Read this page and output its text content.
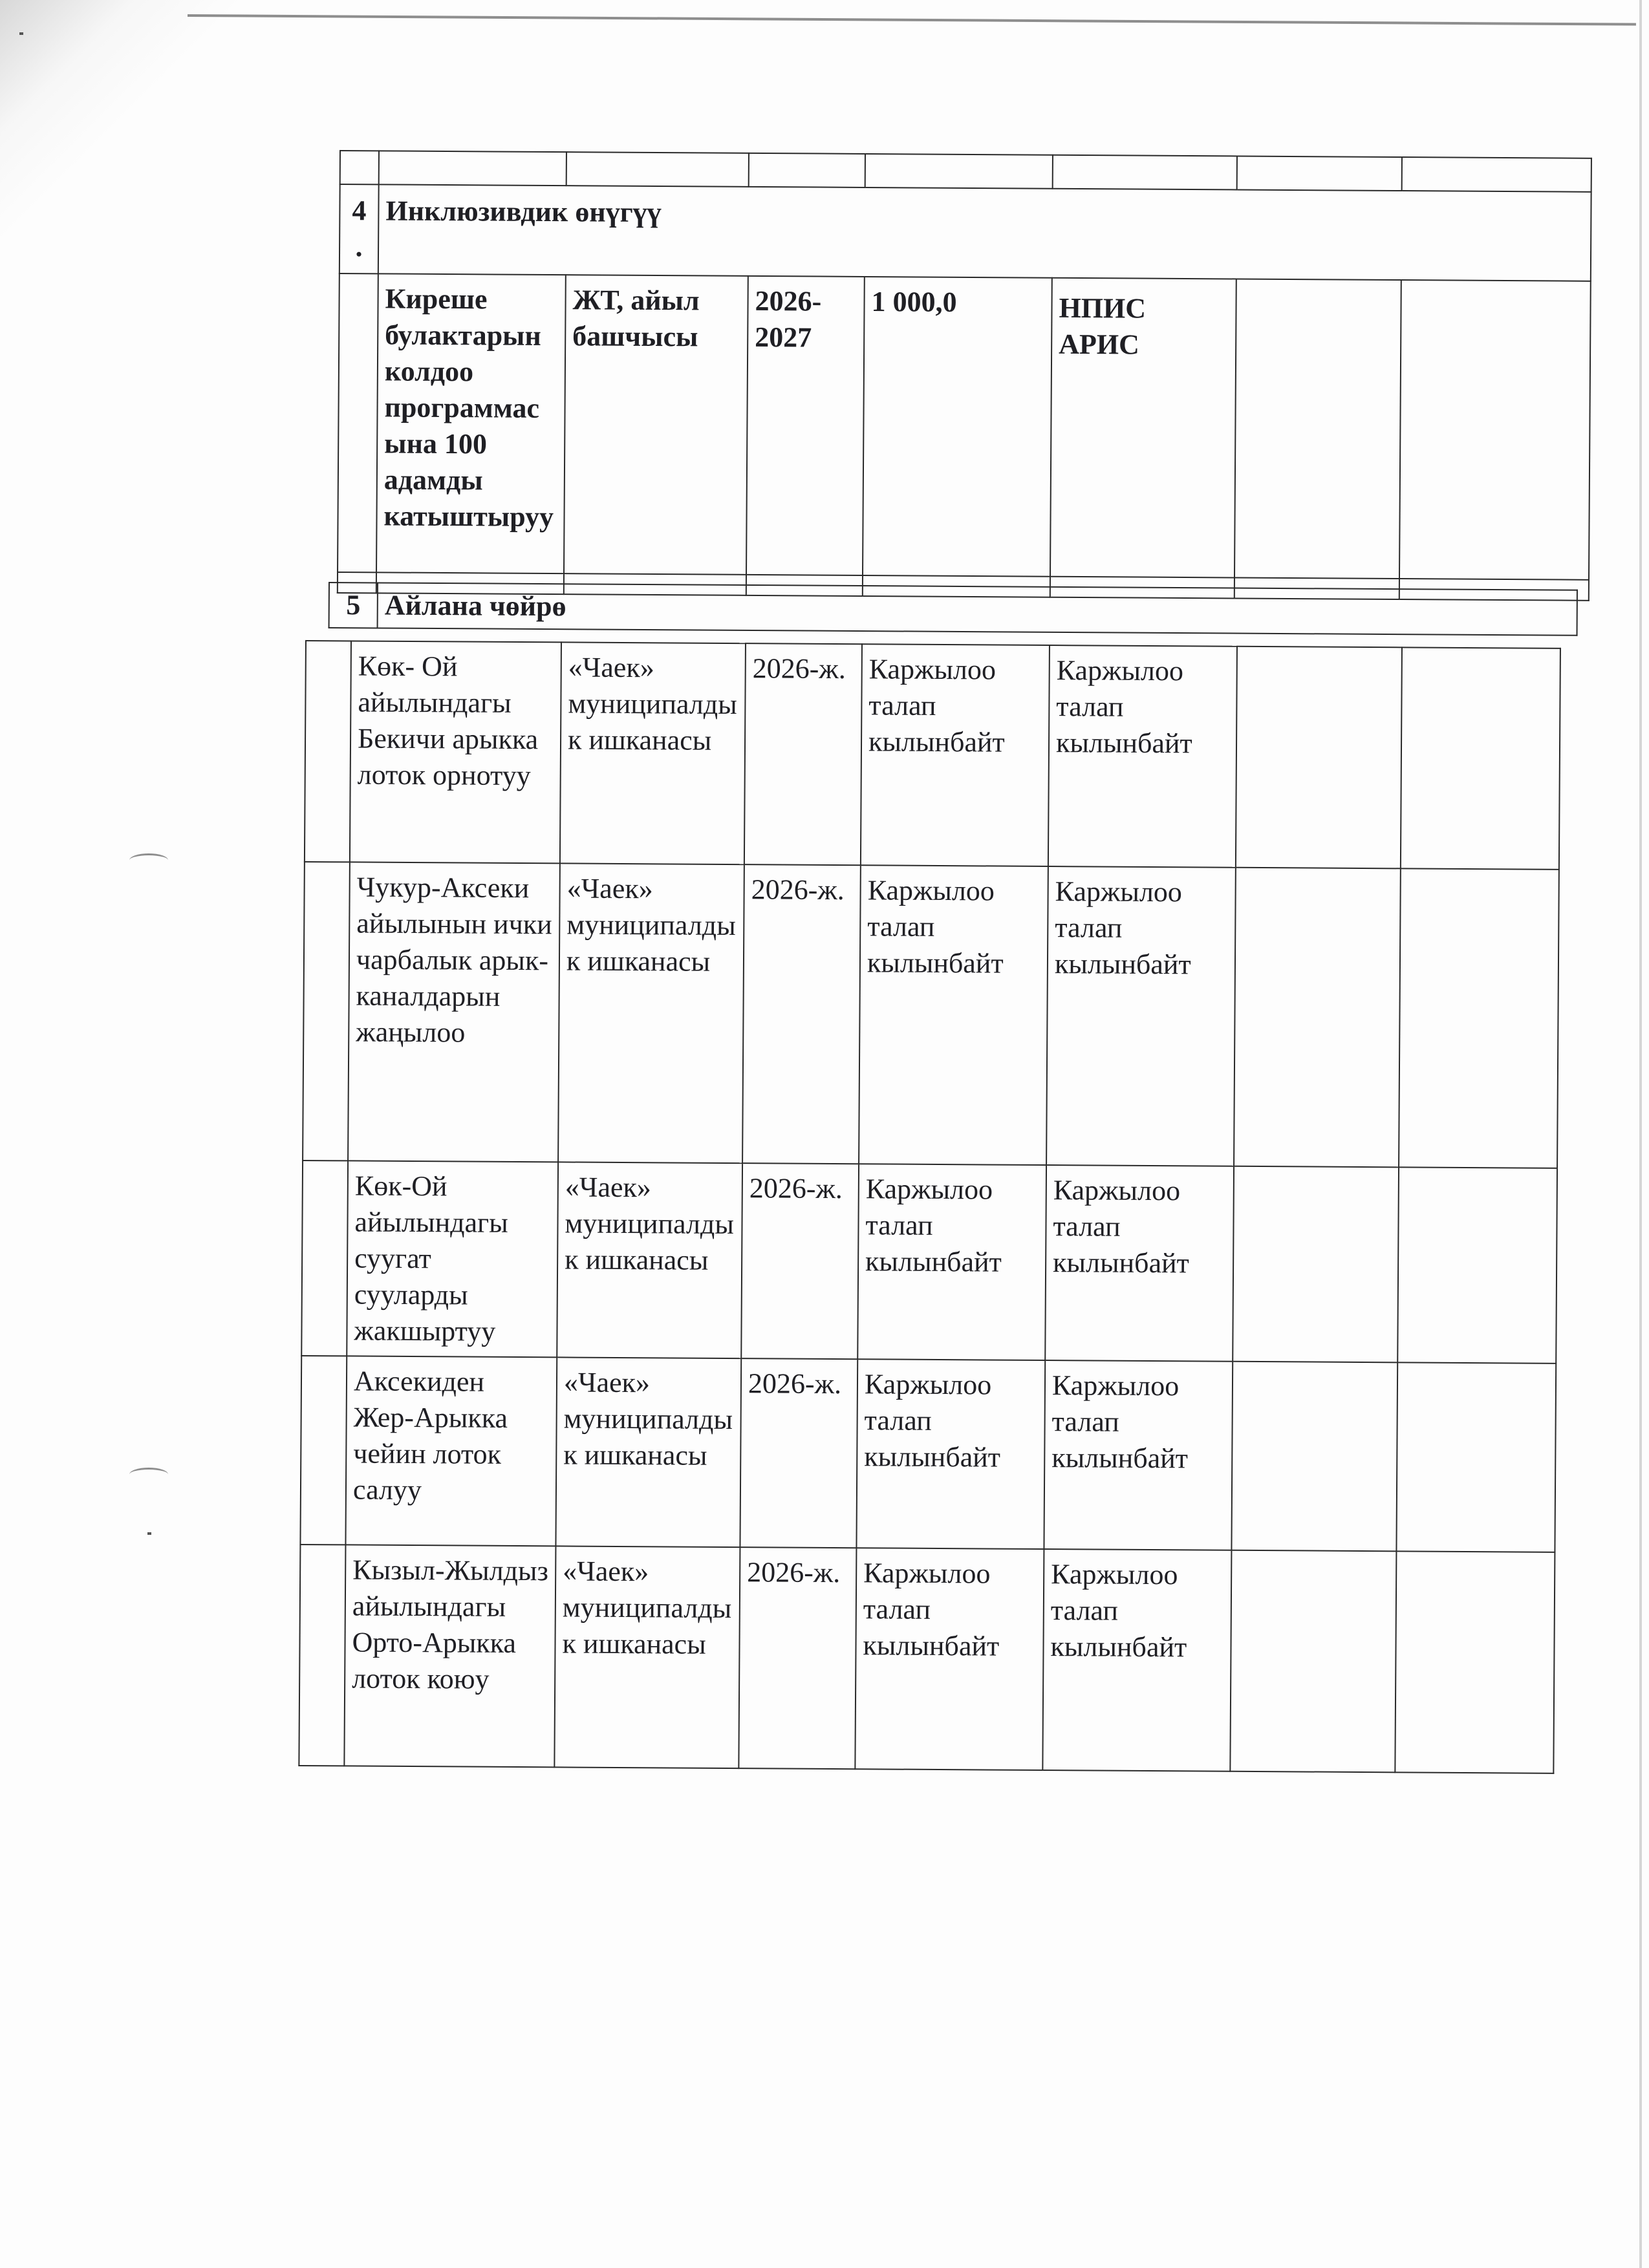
4
.	Инклюзивдик өнүгүү						
	Киреше булактарын колдоо программасына 100 адамды катыштыруу	ЖТ, айыл башчысы	2026-2027	1 000,0	НПИС АРИС		

5	Айлана чөйрө
	Көк- Ой айылындагы Бекичи арыкка лоток орнотуу	«Чаек» муниципалдык ишканасы	2026-ж.	Каржылоо талап кылынбайт	Каржылоо талап кылынбайт		
	Чукур-Аксеки айылынын ички чарбалык арык-каналдарын жаңылоо	«Чаек» муниципалдык ишканасы	2026-ж.	Каржылоо талап кылынбайт	Каржылоо талап кылынбайт		
	Көк-Ой айылындагы суугат сууларды жакшыртуу	«Чаек» муниципалдык ишканасы	2026-ж.	Каржылоо талап кылынбайт	Каржылоо талап кылынбайт		
	Аксекиден Жер-Арыкка чейин лоток салуу	«Чаек» муниципалдык ишканасы	2026-ж.	Каржылоо талап кылынбайт	Каржылоо талап кылынбайт		
	Кызыл-Жылдыз айылындагы Орто-Арыкка лоток коюу	«Чаек» муниципалдык ишканасы	2026-ж.	Каржылоо талап кылынбайт	Каржылоо талап кылынбайт		
